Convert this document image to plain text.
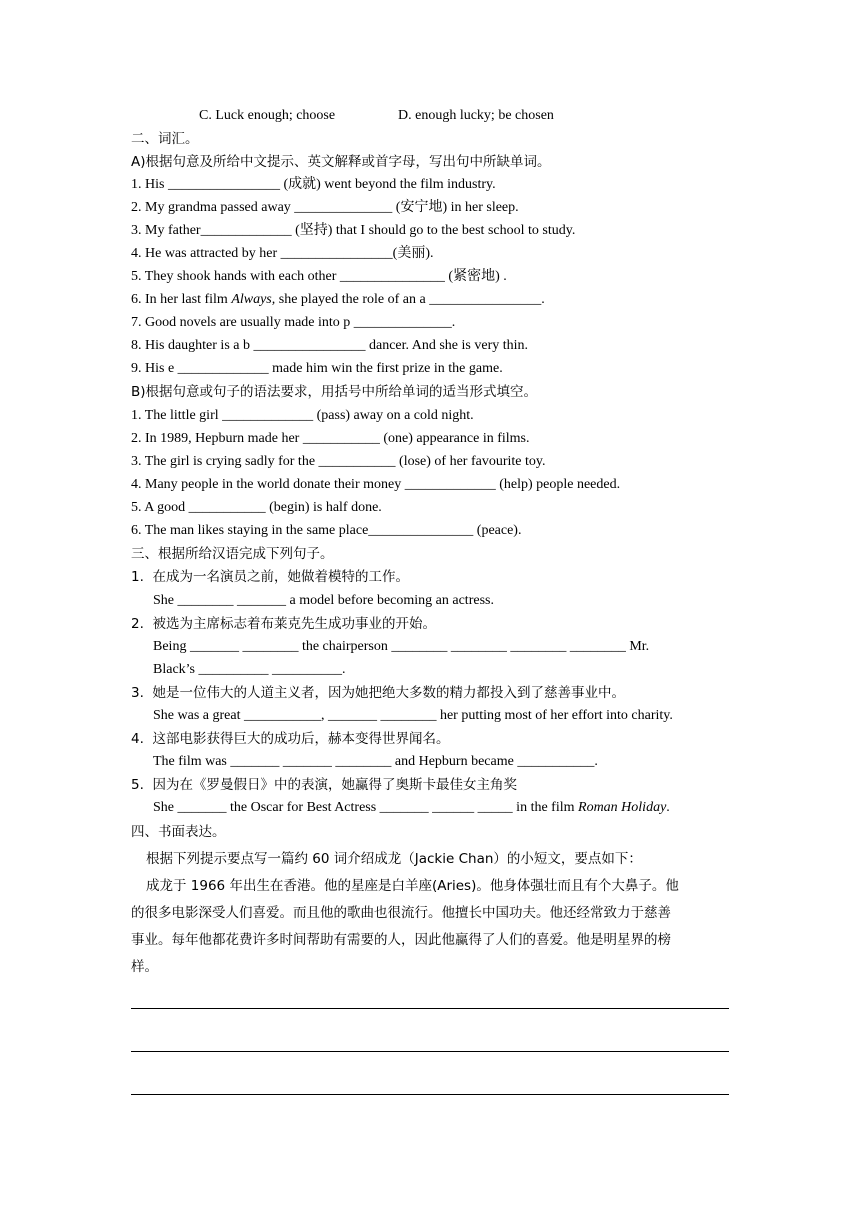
C. Luck enough; choose	D. enough lucky; be chosen
二、词汇。
A)根据句意及所给中文提示、英文解释或首字母，写出句中所缺单词。
1. His ________________ (成就) went beyond the film industry.
2. My grandma passed away ______________ (安宁地) in her sleep.
3. My father_____________ (坚持) that I should go to the best school to study.
4. He was attracted by her ________________(美丽).
5. They shook hands with each other _______________ (紧密地) .
6. In her last film Always, she played the role of an a ________________.
7. Good novels are usually made into p ______________.
8. His daughter is a b ________________ dancer. And she is very thin.
9. His e _____________ made him win the first prize in the game.
B)根据句意或句子的语法要求，用括号中所给单词的适当形式填空。
1. The little girl _____________ (pass) away on a cold night.
2. In 1989, Hepburn made her ___________ (one) appearance in films.
3. The girl is crying sadly for the ___________ (lose) of her favourite toy.
4. Many people in the world donate their money _____________ (help) people needed.
5. A good ___________ (begin) is half done.
6. The man likes staying in the same place_______________ (peace).
三、根据所给汉语完成下列句子。
1.  在成为一名演员之前，她做着模特的工作。
She ________ _______ a model before becoming an actress.
2.  被选为主席标志着布莱克先生成功事业的开始。
Being _______ ________ the chairperson ________ ________ ________ ________ Mr.
Black’s __________ __________.
3.  她是一位伟大的人道主义者，因为她把绝大多数的精力都投入到了慈善事业中。
She was a great ___________, _______ ________ her putting most of her effort into charity.
4.  这部电影获得巨大的成功后，赫本变得世界闻名。
The film was _______ _______ ________ and Hepburn became ___________.
5.  因为在《罗曼假日》中的表演，她赢得了奥斯卡最佳女主角奖
She _______ the Oscar for Best Actress _______ ______ _____ in the film Roman Holiday.
四、书面表达。
根据下列提示要点写一篇约 60 词介绍成龙（Jackie Chan）的小短文，要点如下：
成龙于 1966 年出生在香港。他的星座是白羊座(Aries)。他身体强壮而且有个大鼻子。他
的很多电影深受人们喜爱。而且他的歌曲也很流行。他擅长中国功夫。他还经常致力于慈善
事业。每年他都花费许多时间帮助有需要的人，因此他赢得了人们的喜爱。他是明星界的榜
样。
